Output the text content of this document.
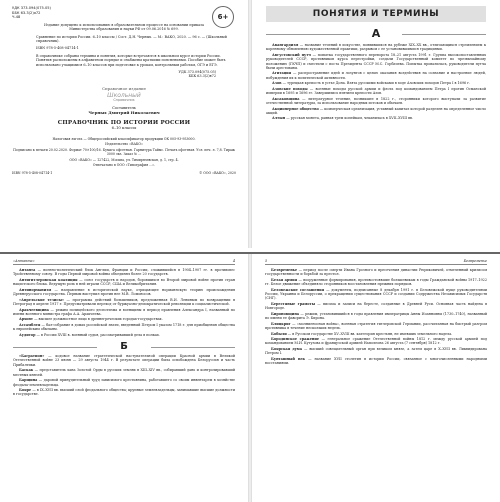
УДК 373.094(075.05)
ББК 63.3(2)я72
Ч-48	6+
Издание допущено к использованию в образовательном процессе на основании приказа Министерства образования и науки РФ от 09.06.2016 № 699.
Сравнение по истории России. 6–10 классы / Сост. Д.Н. Черных. — М.: ВАКО, 2020. — 96 с. — (Школьный справочник).
ISBN 978-5-408-04714-1
В справочнике собраны термины и понятия, которые встречаются в школьном курсе истории России. Понятия расположены в алфавитном порядке и снабжены краткими пояснениями. Пособие может быть использовано учащимися 6–10 классов при подготовке к урокам, контрольным работам, ОГЭ и ЕГЭ.
УДК 373.094(075.05)
ББК 63.3(2)я72
Справочное издание
Школьный
Справочник
Составитель
Черных Дмитрий Николаевич
СПРАВОЧНИК ПО ИСТОРИИ РОССИИ
6–10 классы

Налоговая льгота — Общероссийский классификатор продукции ОК 005-93-953000.

Издательство «ВАКО»

Подписано к печати 20.02.2020. Формат 70×100/16. Бумага офсетная. Гарнитура Таймс. Печать офсетная. Усл. печ. л. 7,8. Тираж 3000 экз. Заказ № …

ООО «ВАКО» — 127422, Москва, ул. Тимирязевская, д. 1, стр. 4.

Отпечатано в ООО «Типография ...».

ISBN 978-5-408-04714-1	© ООО «ВАКО», 2020
ПОНЯТИЯ И ТЕРМИНЫ
А

Авангардизм — название течений в искусстве, появившихся на рубеже XIX–XX вв., отличающихся стремлением к коренному обновлению художественной практики, разрывом с ее установившимися традициями.

Августовский путч — попытка государственного переворота 18–21 августа 1991 г. Группа высокопоставленных руководителей СССР, противников курса перестройки, создали Государственный комитет по чрезвычайному положению (ГКЧП) и сместили с поста Президента СССР М.С. Горбачева. Попытка провалилась, руководители путча были арестованы.

Агитация — распространение идей и лозунгов с целью оказания воздействия на сознание и настроение людей, побуждения их к политической активности.

Азов — турецкая крепость в устье Дона. Взята русскими войсками в ходе Азовских походов Петра I в 1696 г.

Азовские походы — военные походы русской армии и флота под командованием Петра I против Османской империи в 1695 и 1696 гг. Завершились взятием крепости Азов.

Аксаковщина — литературное течение, возникшее в 1822 г., сторонники которого выступали за развитие отечественной литературы, за использование народных истоков и обычаев.

Акционерное общество — коммерческая организация, уставный капитал которой разделен на определенное число акций.

Алтын — русская монета, равная трем копейкам, чеканилась в XVII–XVIII вв.

«Антанта»	4

Антанта — военно-политический блок Англии, Франции и России, сложившийся в 1904–1907 гг. в противовес Тройственному союзу. В годы Первой мировой войны объединял более 20 государств.

Антигитлеровская коалиция — союз государств и народов, боровшихся во Второй мировой войне против стран нацистского блока. Ведущую роль в ней играли СССР, США и Великобритания.

Антинорманизм — направление в исторической науке, отрицающее норманнскую теорию происхождения Древнерусского государства. Первым выступил против нее М.В. Ломоносов.

«Апрельские тезисы» — программа действий большевиков, предложенная В.И. Лениным по возвращении в Петроград в апреле 1917 г. Предусматривали переход от буржуазно-демократической революции к социалистической.

Аракчеевщина — режим полицейского деспотизма и военщины в период правления Александра I, названный по имени военного министра графа А.А. Аракчеева.

Архонт — высшее должностное лицо в древнегреческих городах-государствах.

Ассамблея — бал-собрание в домах российской знати, введенный Петром I указом 1718 г. для приобщения общества к европейским обычаям.

Аудитор — в России XVIII в. военный судья, рассматривавший дела в полках.

Б

«Багратион» — кодовое название стратегической наступательной операции Красной армии в Великой Отечественной войне 23 июня — 29 августа 1944 г. В результате операции была освобождена Белоруссия и часть Прибалтики.

Баскак — представитель хана Золотой Орды в русских землях в XIII–XIV вв., собиравший дань и контролировавший местных князей.

Барщина — даровой принудительный труд зависимого крестьянина, работавшего со своим инвентарем в хозяйстве феодала-землевладельца.

Бояре — в IX–XVII вв. высший слой феодального общества; крупные землевладельцы, занимавшие высшие должности в государстве.

5	Безвременье

Безвременье — период после смерти Ивана Грозного и пресечения династии Рюриковичей, отмеченный кризисом государственности и борьбой за престол.

Белая армия — вооруженные формирования, противостоявшие большевикам в годы Гражданской войны 1917–1922 гг. Белое движение объединяло сторонников восстановления прежних порядков.

Беловежские соглашения — документы, подписанные 8 декабря 1991 г. в Беловежской пуще руководителями России, Украины и Белоруссии, о прекращении существования СССР и создании Содружества Независимых Государств (СНГ).

Берестяные грамоты — письма и записи на бересте, созданные в Древней Руси. Основная часть найдена в Новгороде.

Бироновщина — режим, установившийся в годы правления императрицы Анны Иоанновны (1730–1740), названный по имени ее фаворита Э. Бирона.

Блицкриг — «молниеносная война», военная стратегия гитлеровской Германии, рассчитанная на быстрый разгром противника в течение нескольких недель.

Бобыли — в Русском государстве XV–XVIII вв. категория крестьян, не имевших земельного надела.

Бородинское сражение — генеральное сражение Отечественной войны 1812 г. между русской армией под командованием М.И. Кутузова и французской армией Наполеона 26 августа (7 сентября) 1812 г.

Боярская дума — высший совещательный орган при великом князе, а затем царе в X–XVII вв. Ликвидирована Петром I.

Бунташный век — название XVII столетия в истории России, связанное с многочисленными народными восстаниями.
